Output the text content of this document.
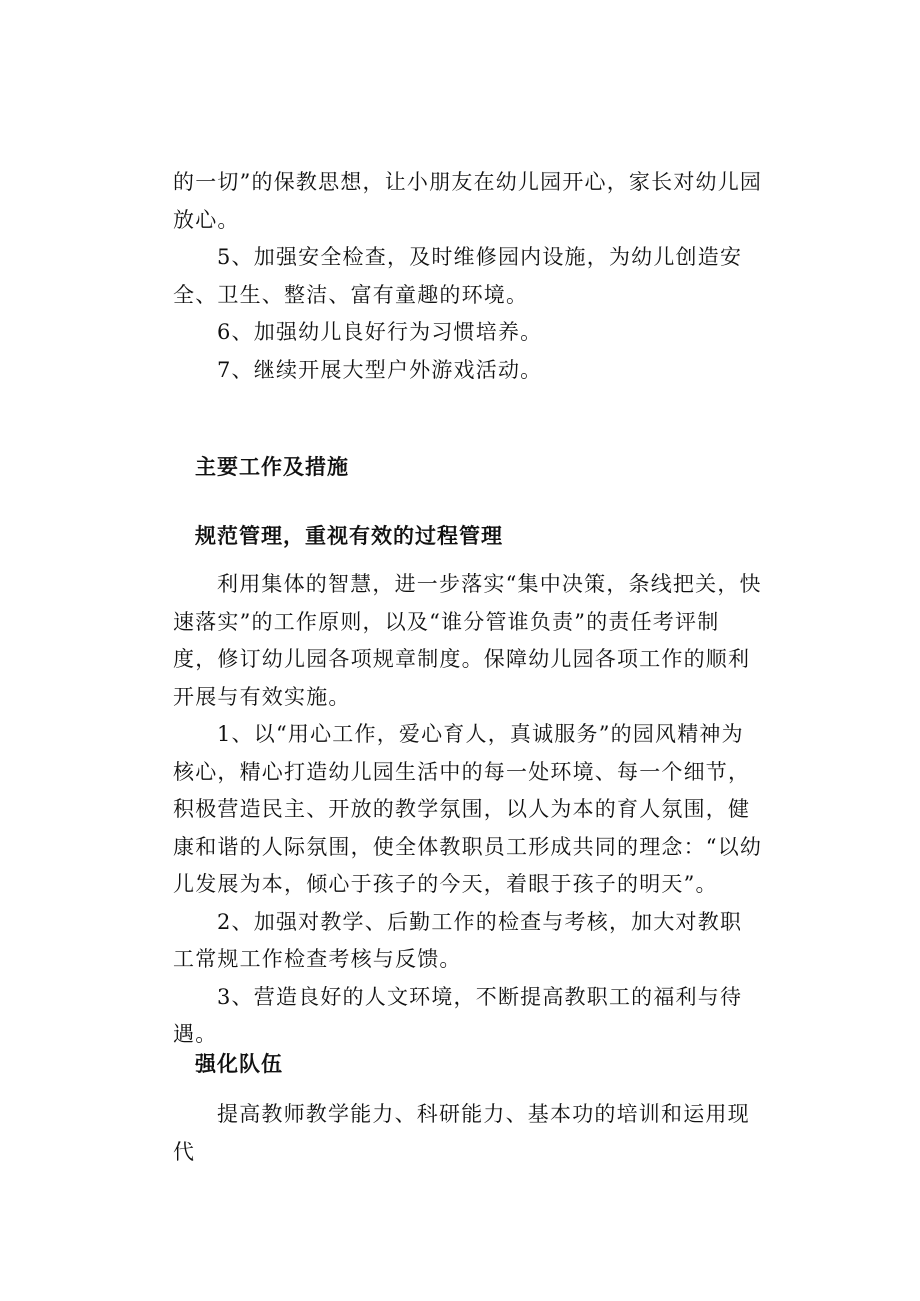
的一切”的保教思想，让小朋友在幼儿园开心，家长对幼儿园放心。

5、加强安全检查，及时维修园内设施，为幼儿创造安全、卫生、整洁、富有童趣的环境。

6、加强幼儿良好行为习惯培养。

7、继续开展大型户外游戏活动。

主要工作及措施
规范管理，重视有效的过程管理

利用集体的智慧，进一步落实“集中决策，条线把关，快速落实”的工作原则，以及“谁分管谁负责”的责任考评制度，修订幼儿园各项规章制度。保障幼儿园各项工作的顺利开展与有效实施。

1、以“用心工作，爱心育人，真诚服务”的园风精神为核心，精心打造幼儿园生活中的每一处环境、每一个细节，积极营造民主、开放的教学氛围，以人为本的育人氛围，健康和谐的人际氛围，使全体教职员工形成共同的理念：“以幼儿发展为本，倾心于孩子的今天，着眼于孩子的明天”。

2、加强对教学、后勤工作的检查与考核，加大对教职工常规工作检查考核与反馈。

3、营造良好的人文环境，不断提高教职工的福利与待遇。

强化队伍

提高教师教学能力、科研能力、基本功的培训和运用现代
